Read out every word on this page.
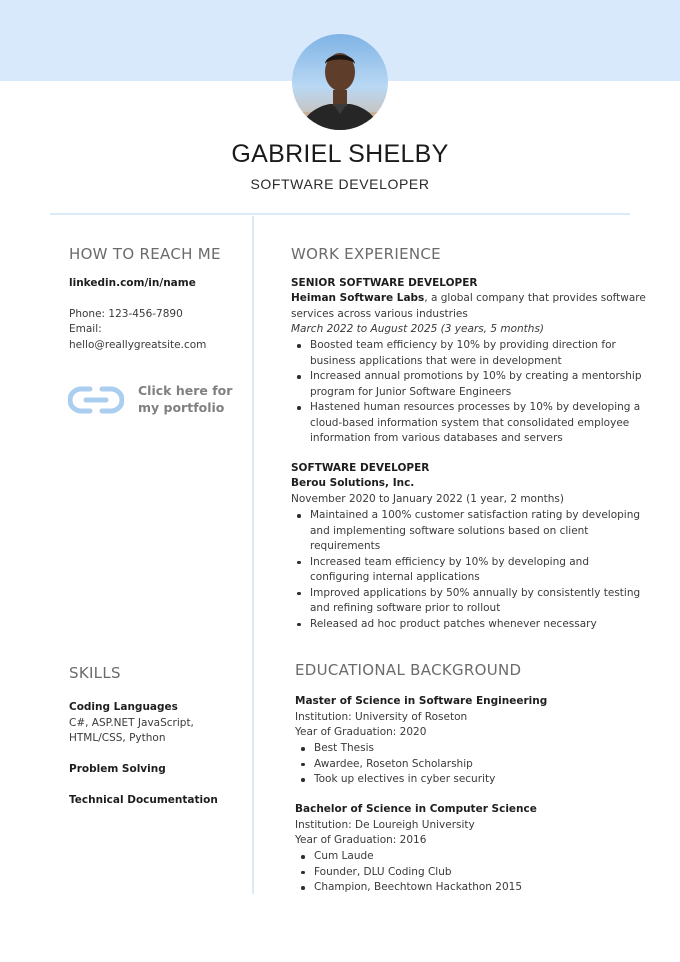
GABRIEL SHELBY
SOFTWARE DEVELOPER
HOW TO REACH ME
linkedin.com/in/name
Phone: 123-456-7890
Email:
hello@reallygreatsite.com
Click here for
my portfolio
SKILLS
Coding Languages
C#, ASP.NET JavaScript,
HTML/CSS, Python
Problem Solving
Technical Documentation
WORK EXPERIENCE
SENIOR SOFTWARE DEVELOPER
Heiman Software Labs, a global company that provides software
services across various industries
March 2022 to August 2025 (3 years, 5 months)
Boosted team efficiency by 10% by providing direction for
business applications that were in development
Increased annual promotions by 10% by creating a mentorship
program for Junior Software Engineers
Hastened human resources processes by 10% by developing a
cloud-based information system that consolidated employee
information from various databases and servers
SOFTWARE DEVELOPER
Berou Solutions, Inc.
November 2020 to January 2022 (1 year, 2 months)
Maintained a 100% customer satisfaction rating by developing
and implementing software solutions based on client
requirements
Increased team efficiency by 10% by developing and
configuring internal applications
Improved applications by 50% annually by consistently testing
and refining software prior to rollout
Released ad hoc product patches whenever necessary
EDUCATIONAL BACKGROUND
Master of Science in Software Engineering
Institution: University of Roseton
Year of Graduation: 2020
Best Thesis
Awardee, Roseton Scholarship
Took up electives in cyber security
Bachelor of Science in Computer Science
Institution: De Loureigh University
Year of Graduation: 2016
Cum Laude
Founder, DLU Coding Club
Champion, Beechtown Hackathon 2015
